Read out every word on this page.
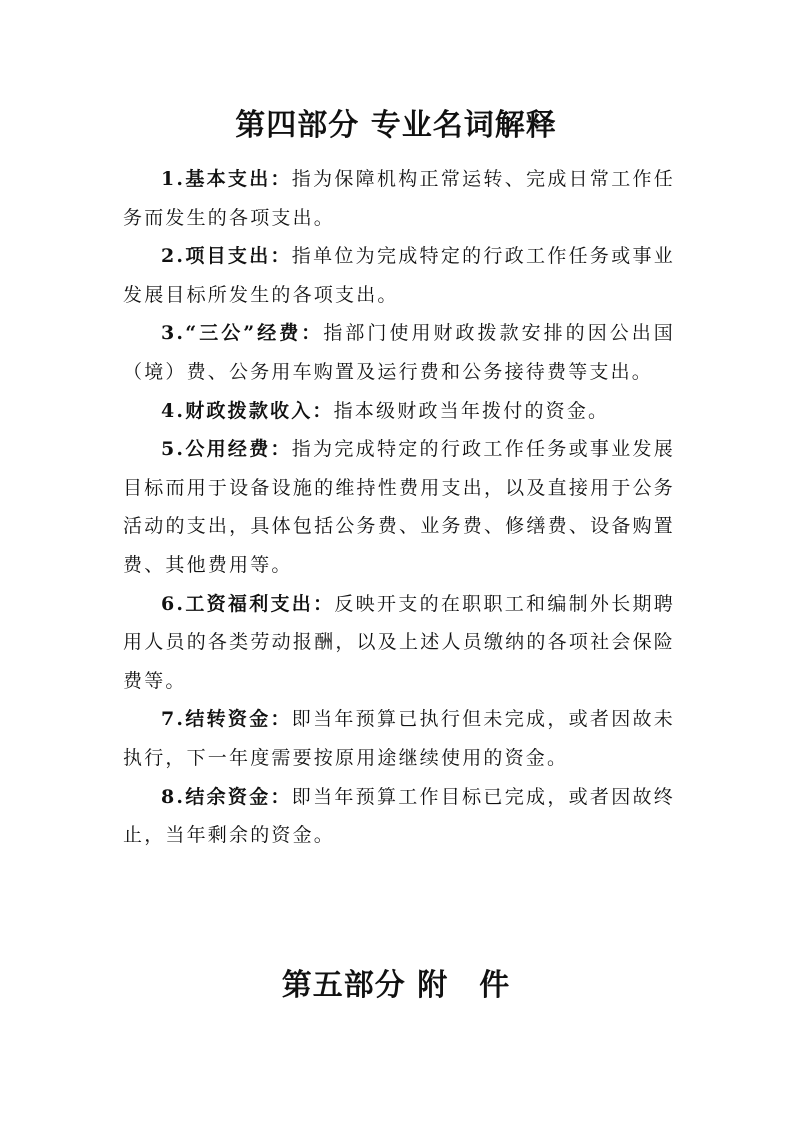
第四部分 专业名词解释

1.基本支出：指为保障机构正常运转、完成日常工作任务而发生的各项支出。

2.项目支出：指单位为完成特定的行政工作任务或事业发展目标所发生的各项支出。

3.“三公”经费：指部门使用财政拨款安排的因公出国（境）费、公务用车购置及运行费和公务接待费等支出。

4.财政拨款收入：指本级财政当年拨付的资金。

5.公用经费：指为完成特定的行政工作任务或事业发展目标而用于设备设施的维持性费用支出，以及直接用于公务活动的支出，具体包括公务费、业务费、修缮费、设备购置费、其他费用等。

6.工资福利支出：反映开支的在职职工和编制外长期聘用人员的各类劳动报酬，以及上述人员缴纳的各项社会保险费等。

7.结转资金：即当年预算已执行但未完成，或者因故未执行，下一年度需要按原用途继续使用的资金。

8.结余资金：即当年预算工作目标已完成，或者因故终止，当年剩余的资金。

第五部分 附　件
